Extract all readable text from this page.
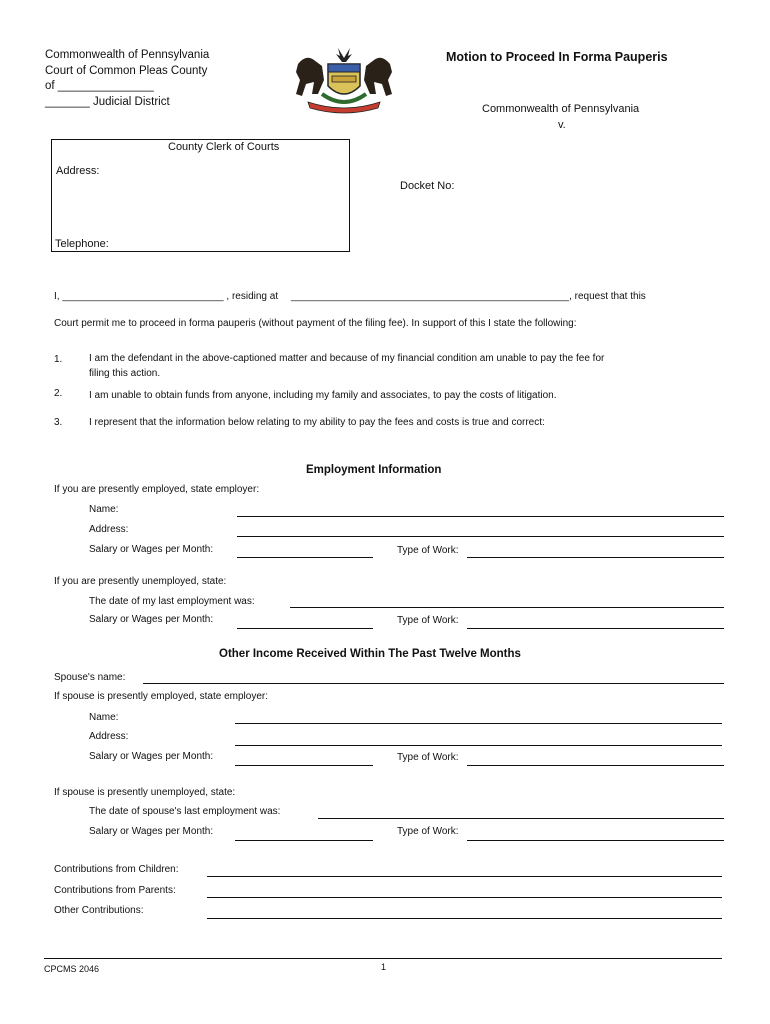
Commonwealth of Pennsylvania
Court of Common Pleas County
of _______________
_______ Judicial District
Motion to Proceed In Forma Pauperis
Commonwealth of Pennsylvania
v.
Docket No:
County Clerk of Courts
Address:
Telephone:
I, _____________________________ , residing at __________________________________________________, request that this
Court permit me to proceed in forma pauperis (without payment of the filing fee). In support of this I state the following:
1.	I am the defendant in the above-captioned matter and because of my financial condition am unable to pay the fee for
filing this action.
2.	I am unable to obtain funds from anyone, including my family and associates, to pay the costs of litigation.
3.	I represent that the information below relating to my ability to pay the fees and costs is true and correct:
Employment Information
If you are presently employed, state employer:
Name:
Address:
Salary or Wages per Month:	Type of Work:
If you are presently unemployed, state:
The date of my last employment was:
Salary or Wages per Month:	Type of Work:
Other Income Received Within The Past Twelve Months
Spouse's name:
If spouse is presently employed, state employer:
Name:
Address:
Salary or Wages per Month:	Type of Work:
If spouse is presently unemployed, state:
The date of spouse's last employment was:
Salary or Wages per Month:	Type of Work:
Contributions from Children:
Contributions from Parents:
Other Contributions:
CPCMS 2046	1
